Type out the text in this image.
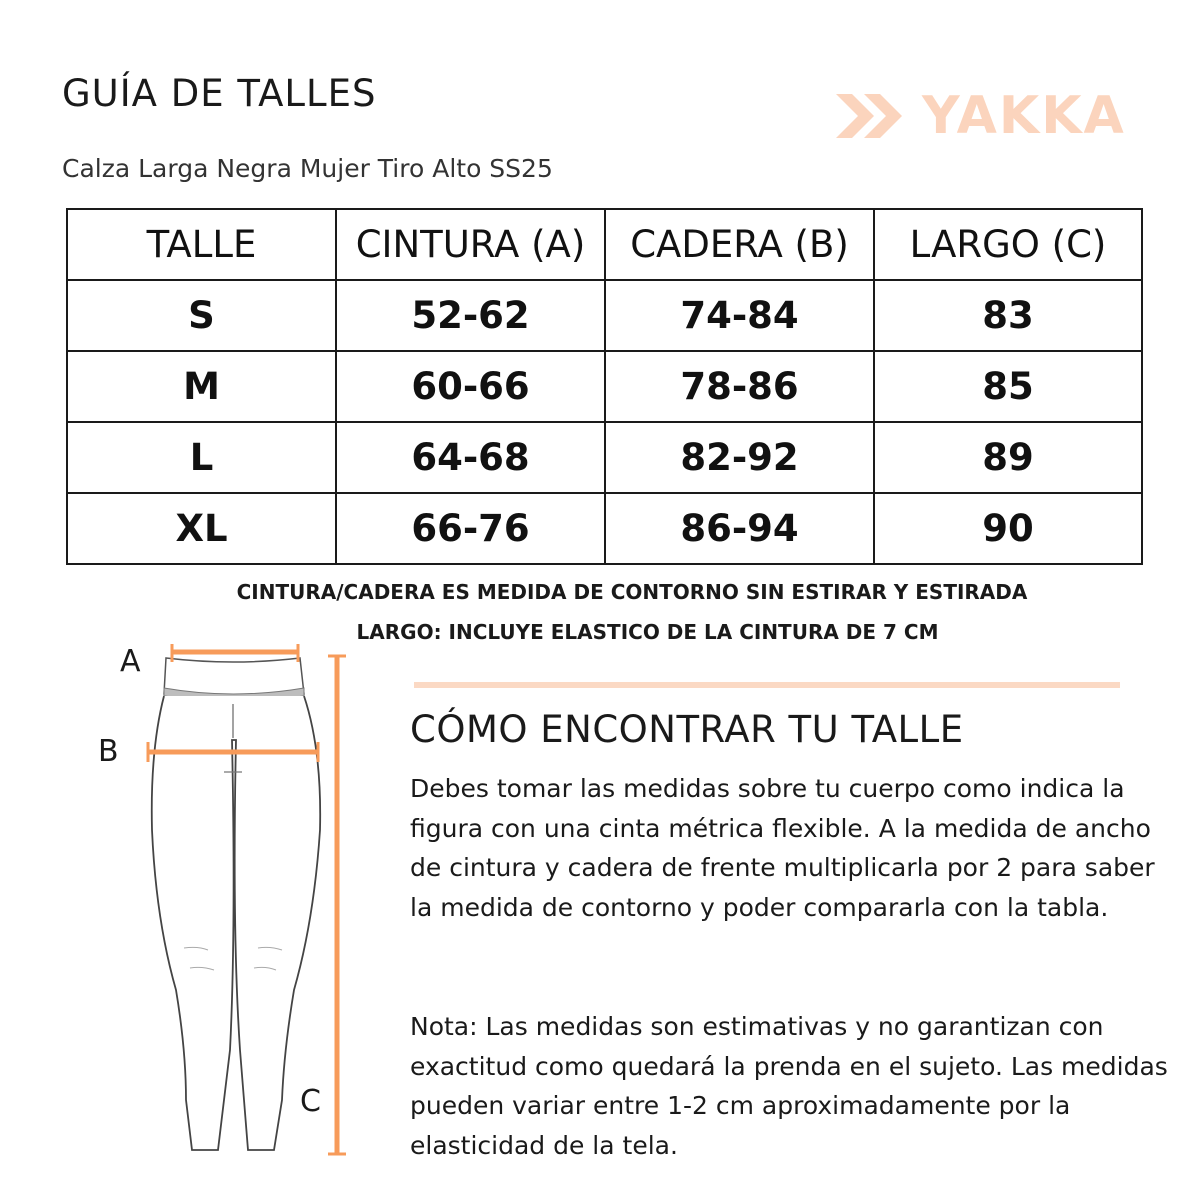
GUÍA DE TALLES
Calza Larga Negra Mujer Tiro Alto SS25
YAKKA
TALLE	CINTURA (A)	CADERA (B)	LARGO (C)
S	52-62	74-84	83
M	60-66	78-86	85
L	64-68	82-92	89
XL	66-76	86-94	90
CINTURA/CADERA ES MEDIDA DE CONTORNO SIN ESTIRAR Y ESTIRADA
LARGO: INCLUYE ELASTICO DE LA CINTURA DE 7 CM
A
B
C
CÓMO ENCONTRAR TU TALLE

Debes tomar las medidas sobre tu cuerpo como indica la figura con una cinta métrica flexible. A la medida de ancho de cintura y cadera de frente multiplicarla por 2 para saber la medida de contorno y poder compararla con la tabla.

Nota: Las medidas son estimativas y no garantizan con exactitud como quedará la prenda en el sujeto. Las medidas pueden variar entre 1-2 cm aproximadamente por la elasticidad de la tela.
